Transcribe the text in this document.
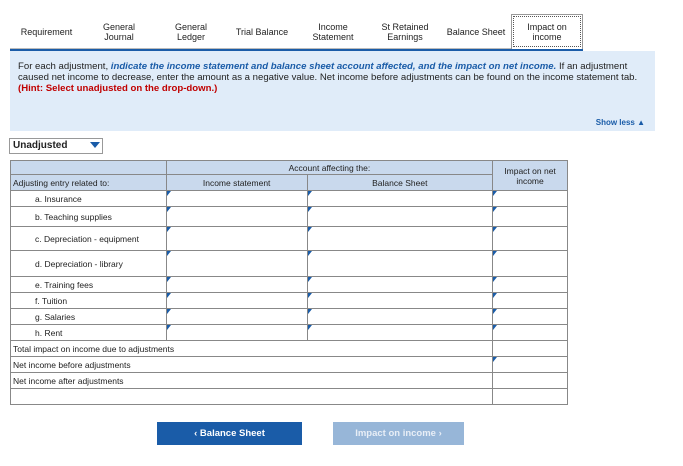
Requirement	General Journal
General Ledger	Trial Balance	Income Statement
St Retained Earnings	Balance Sheet	Impact on income
For each adjustment, indicate the income statement and balance sheet account affected, and the impact on net income. If an adjustment caused net income to decrease, enter the amount as a negative value. Net income before adjustments can be found on the income statement tab. (Hint: Select unadjusted on the drop-down.)
Show less ▲
Unadjusted
	Account affecting the:		Impact on net income
Adjusting entry related to:	Income statement	Balance Sheet	
a. Insurance			
b. Teaching supplies			
c. Depreciation - equipment			
d. Depreciation - library			
e. Training fees			
f. Tuition			
g. Salaries			
h. Rent			
Total impact on income due to adjustments			
Net income before adjustments			
Net income after adjustments			

‹ Balance Sheet	Impact on income ›
